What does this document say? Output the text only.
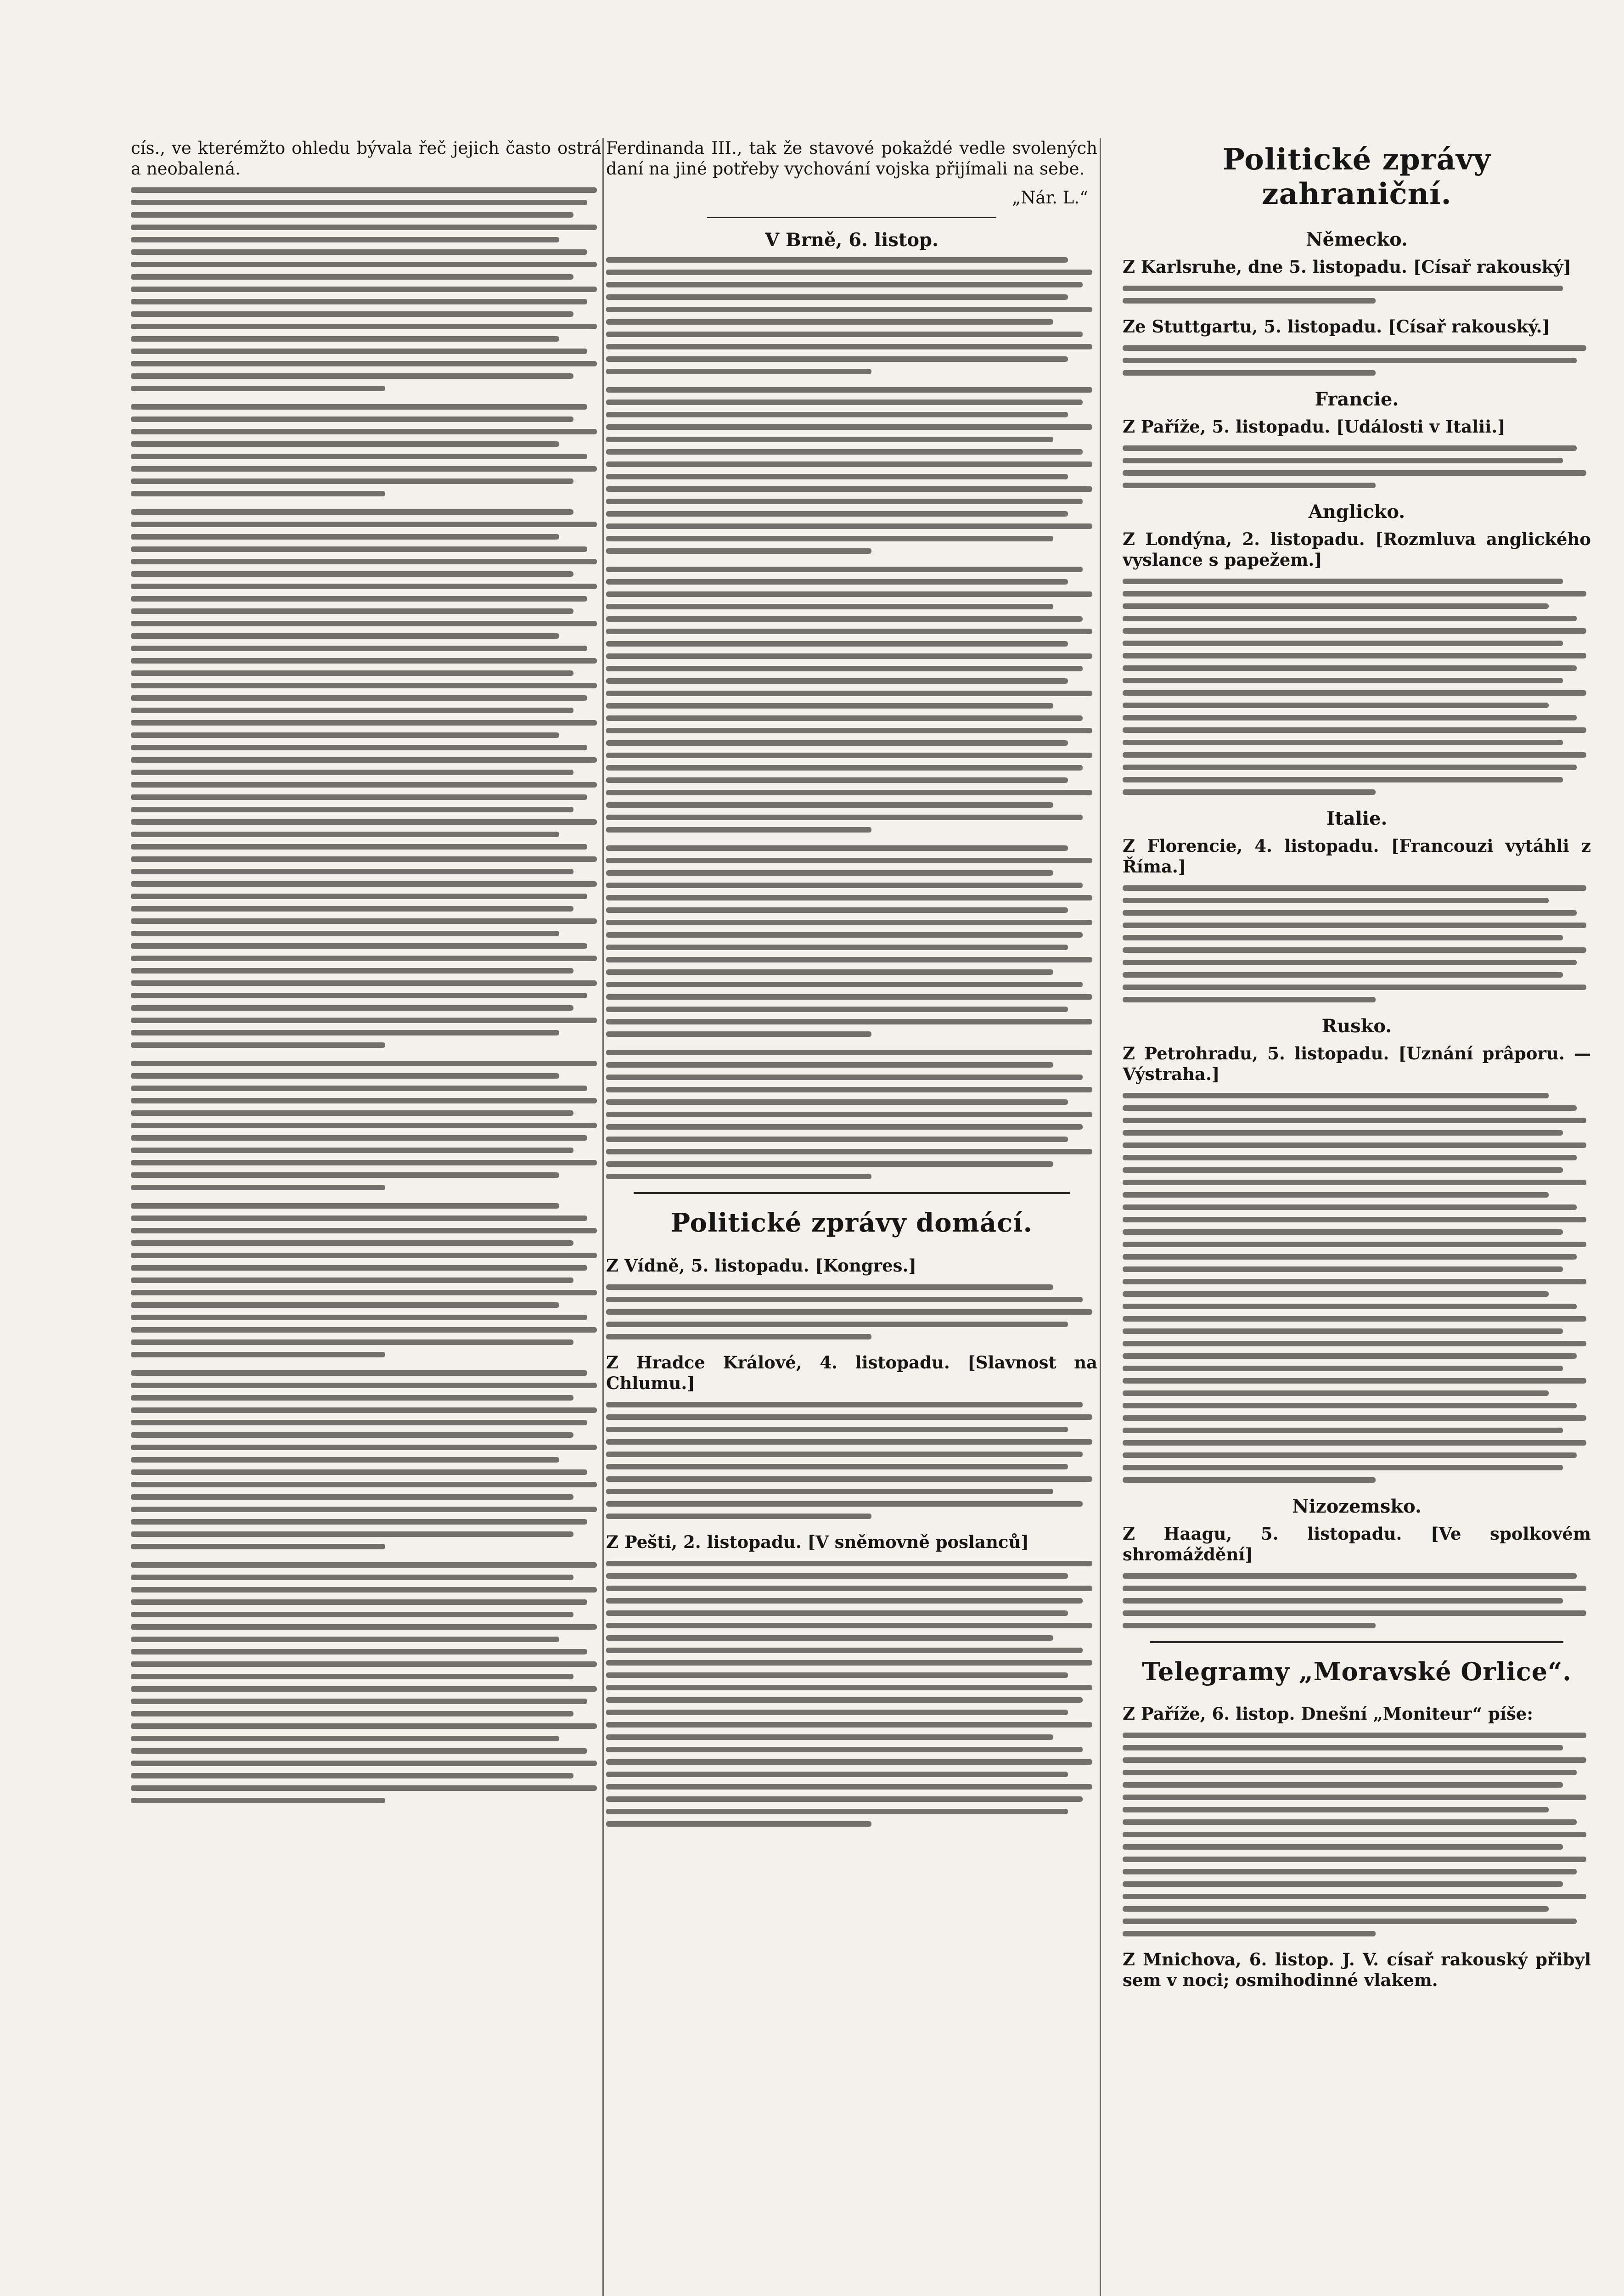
cís., ve kterémžto ohledu bývala řeč jejich často ostrá a neobalená.

Ferdinanda III., tak že stavové pokaždé vedle svolených daní na jiné potřeby vychování vojska přijímali na sebe.

„Nár. L.“

V Brně, 6. listop.
Politické zprávy domácí.

Z Vídně, 5. listopadu. [Kongres.]

Z Hradce Králové, 4. listopadu. [Slavnost na Chlumu.]

Z Pešti, 2. listopadu. [V sněmovně poslanců]

Politické zprávy zahraniční.
Německo.

Z Karlsruhe, dne 5. listopadu. [Císař rakouský]

Ze Stuttgartu, 5. listopadu. [Císař rakouský.]

Francie.

Z Paříže, 5. listopadu. [Události v Italii.]

Anglicko.

Z Londýna, 2. listopadu. [Rozmluva anglického vyslance s papežem.]

Italie.

Z Florencie, 4. listopadu. [Francouzi vytáhli z Říma.]

Rusko.

Z Petrohradu, 5. listopadu. [Uznání prâporu. — Výstraha.]

Nizozemsko.

Z Haagu, 5. listopadu. [Ve spolkovém shromáždění]

Telegramy „Moravské Orlice“.

Z Paříže, 6. listop. Dnešní „Moniteur“ píše:

Z Mnichova, 6. listop. J. V. císař rakouský přibyl sem v noci; osmihodinné vlakem.
